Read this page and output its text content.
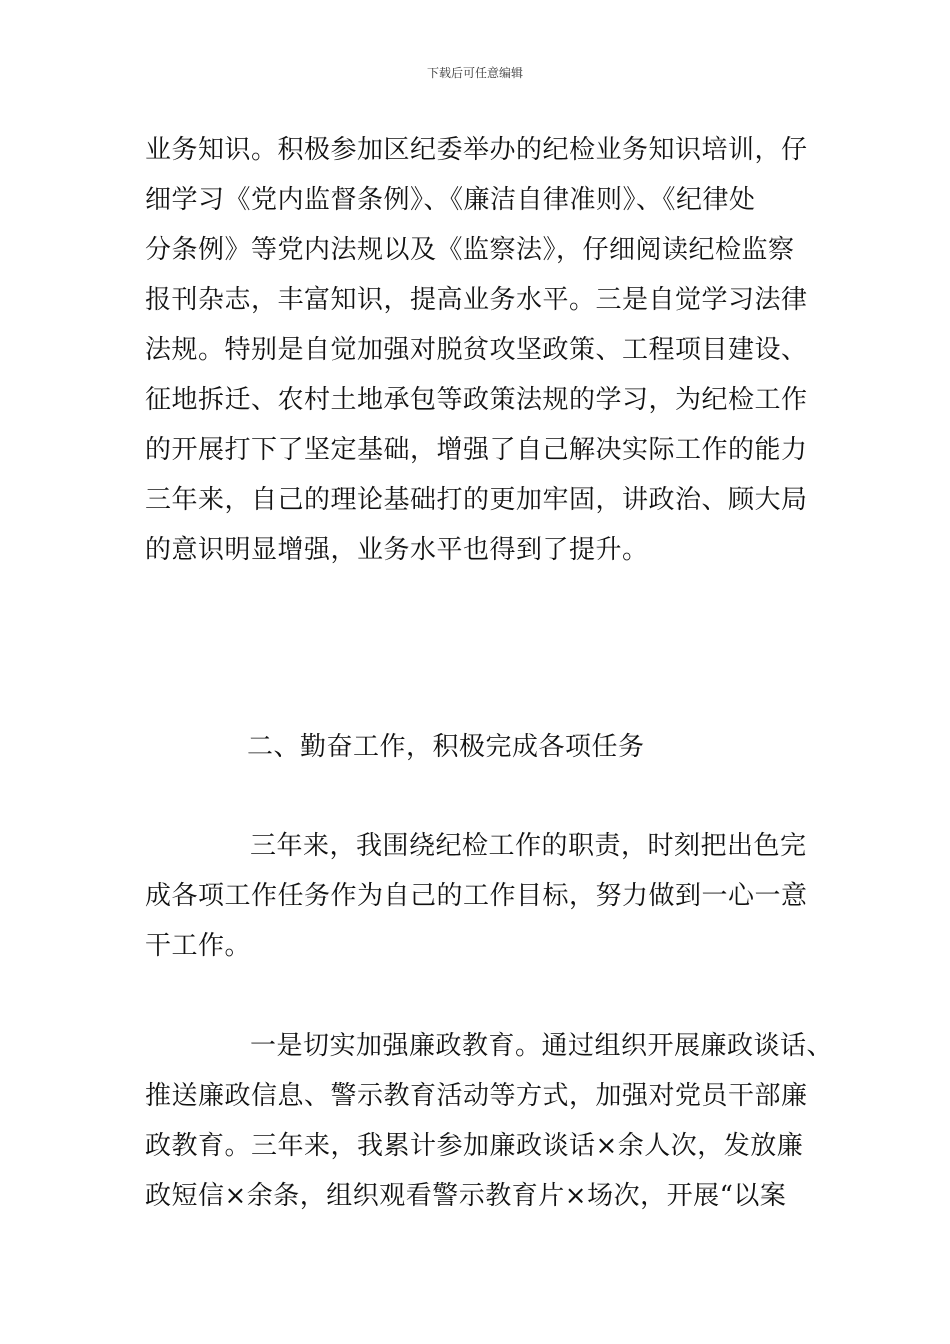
下载后可任意编辑
业务知识。积极参加区纪委举办的纪检业务知识培训，仔
细学习《党内监督条例》、《廉洁自律准则》、《纪律处
分条例》等党内法规以及《监察法》，仔细阅读纪检监察
报刊杂志，丰富知识，提高业务水平。三是自觉学习法律
法规。特别是自觉加强对脱贫攻坚政策、工程项目建设、
征地拆迁、农村土地承包等政策法规的学习，为纪检工作
的开展打下了坚定基础，增强了自己解决实际工作的能力
三年来，自己的理论基础打的更加牢固，讲政治、顾大局
的意识明显增强，业务水平也得到了提升。
二、勤奋工作，积极完成各项任务
三年来，我围绕纪检工作的职责，时刻把出色完
成各项工作任务作为自己的工作目标，努力做到一心一意
干工作。
一是切实加强廉政教育。通过组织开展廉政谈话、
推送廉政信息、警示教育活动等方式，加强对党员干部廉
政教育。三年来，我累计参加廉政谈话×余人次，发放廉
政短信×余条，组织观看警示教育片×场次，开展“以案
